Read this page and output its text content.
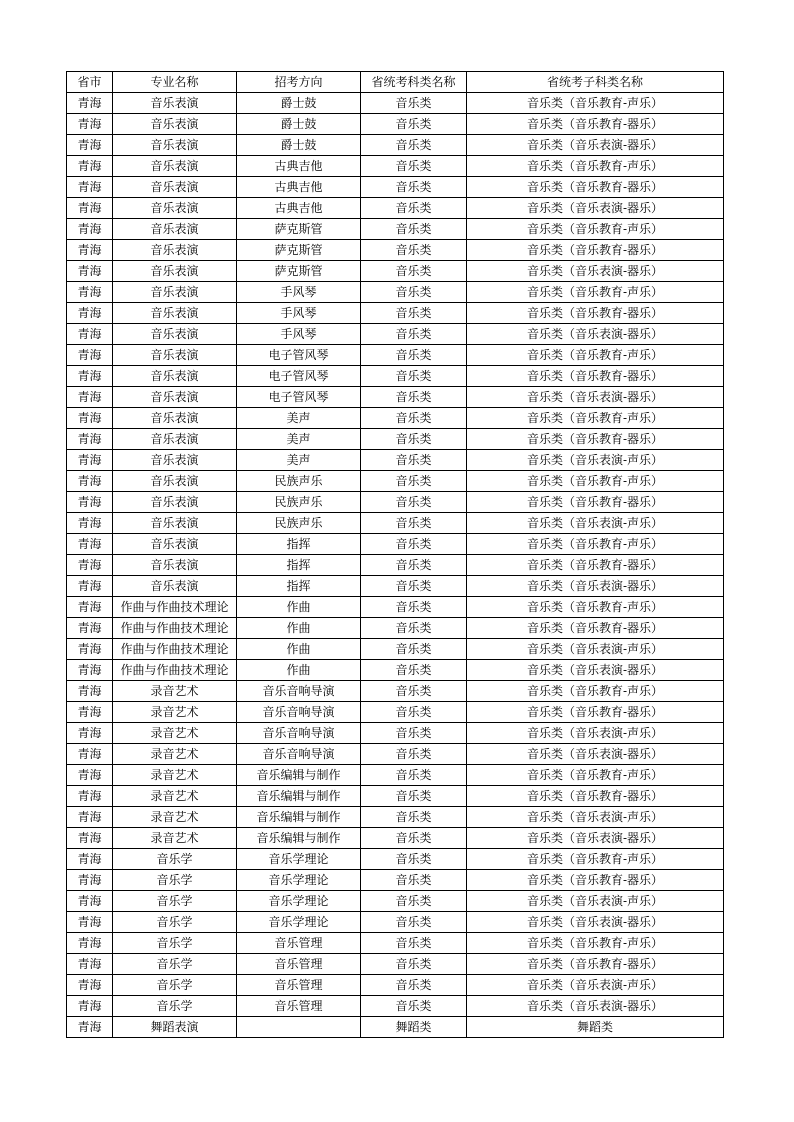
省市	专业名称	招考方向	省统考科类名称	省统考子科类名称
青海	音乐表演	爵士鼓	音乐类	音乐类（音乐教育-声乐）
青海	音乐表演	爵士鼓	音乐类	音乐类（音乐教育-器乐）
青海	音乐表演	爵士鼓	音乐类	音乐类（音乐表演-器乐）
青海	音乐表演	古典吉他	音乐类	音乐类（音乐教育-声乐）
青海	音乐表演	古典吉他	音乐类	音乐类（音乐教育-器乐）
青海	音乐表演	古典吉他	音乐类	音乐类（音乐表演-器乐）
青海	音乐表演	萨克斯管	音乐类	音乐类（音乐教育-声乐）
青海	音乐表演	萨克斯管	音乐类	音乐类（音乐教育-器乐）
青海	音乐表演	萨克斯管	音乐类	音乐类（音乐表演-器乐）
青海	音乐表演	手风琴	音乐类	音乐类（音乐教育-声乐）
青海	音乐表演	手风琴	音乐类	音乐类（音乐教育-器乐）
青海	音乐表演	手风琴	音乐类	音乐类（音乐表演-器乐）
青海	音乐表演	电子管风琴	音乐类	音乐类（音乐教育-声乐）
青海	音乐表演	电子管风琴	音乐类	音乐类（音乐教育-器乐）
青海	音乐表演	电子管风琴	音乐类	音乐类（音乐表演-器乐）
青海	音乐表演	美声	音乐类	音乐类（音乐教育-声乐）
青海	音乐表演	美声	音乐类	音乐类（音乐教育-器乐）
青海	音乐表演	美声	音乐类	音乐类（音乐表演-声乐）
青海	音乐表演	民族声乐	音乐类	音乐类（音乐教育-声乐）
青海	音乐表演	民族声乐	音乐类	音乐类（音乐教育-器乐）
青海	音乐表演	民族声乐	音乐类	音乐类（音乐表演-声乐）
青海	音乐表演	指挥	音乐类	音乐类（音乐教育-声乐）
青海	音乐表演	指挥	音乐类	音乐类（音乐教育-器乐）
青海	音乐表演	指挥	音乐类	音乐类（音乐表演-器乐）
青海	作曲与作曲技术理论	作曲	音乐类	音乐类（音乐教育-声乐）
青海	作曲与作曲技术理论	作曲	音乐类	音乐类（音乐教育-器乐）
青海	作曲与作曲技术理论	作曲	音乐类	音乐类（音乐表演-声乐）
青海	作曲与作曲技术理论	作曲	音乐类	音乐类（音乐表演-器乐）
青海	录音艺术	音乐音响导演	音乐类	音乐类（音乐教育-声乐）
青海	录音艺术	音乐音响导演	音乐类	音乐类（音乐教育-器乐）
青海	录音艺术	音乐音响导演	音乐类	音乐类（音乐表演-声乐）
青海	录音艺术	音乐音响导演	音乐类	音乐类（音乐表演-器乐）
青海	录音艺术	音乐编辑与制作	音乐类	音乐类（音乐教育-声乐）
青海	录音艺术	音乐编辑与制作	音乐类	音乐类（音乐教育-器乐）
青海	录音艺术	音乐编辑与制作	音乐类	音乐类（音乐表演-声乐）
青海	录音艺术	音乐编辑与制作	音乐类	音乐类（音乐表演-器乐）
青海	音乐学	音乐学理论	音乐类	音乐类（音乐教育-声乐）
青海	音乐学	音乐学理论	音乐类	音乐类（音乐教育-器乐）
青海	音乐学	音乐学理论	音乐类	音乐类（音乐表演-声乐）
青海	音乐学	音乐学理论	音乐类	音乐类（音乐表演-器乐）
青海	音乐学	音乐管理	音乐类	音乐类（音乐教育-声乐）
青海	音乐学	音乐管理	音乐类	音乐类（音乐教育-器乐）
青海	音乐学	音乐管理	音乐类	音乐类（音乐表演-声乐）
青海	音乐学	音乐管理	音乐类	音乐类（音乐表演-器乐）
青海	舞蹈表演		舞蹈类	舞蹈类
